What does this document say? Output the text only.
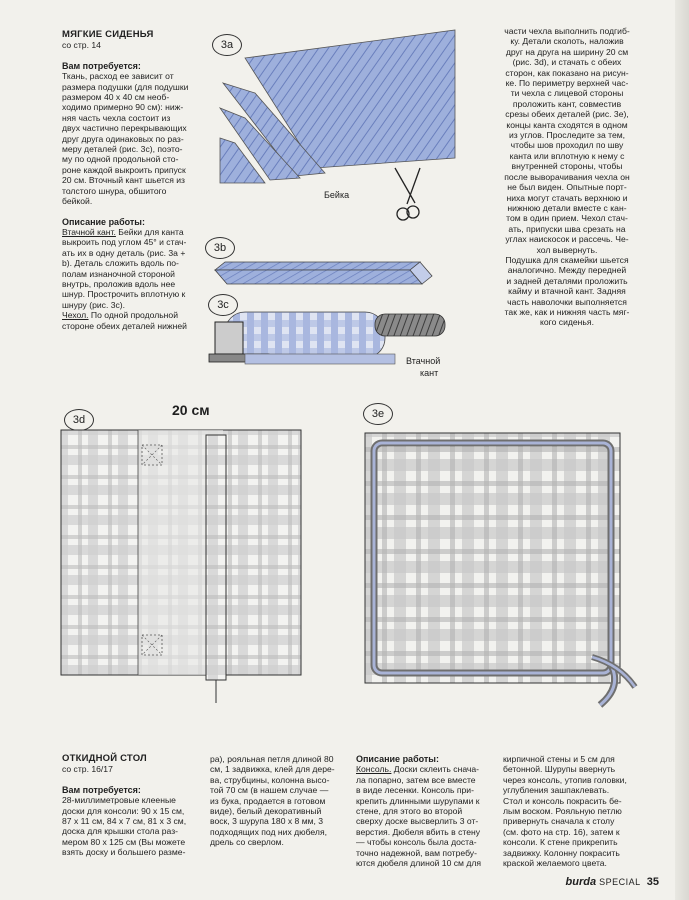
МЯГКИЕ СИДЕНЬЯ

со стр. 14

Вам потребуется:

Ткань, расход ее зависит от

размера подушки (для подушки

размером 40 х 40 см необ-

ходимо примерно 90 см): ниж-

няя часть чехла состоит из

двух частично перекрывающих

друг друга одинаковых по раз-

меру деталей (рис. 3с), поэто-

му по одной продольной сто-

роне каждой выкроить припуск

20 см. Вточный кант шьется из

толстого шнура, обшитого

бейкой.

Описание работы:

Втачной кант. Бейки для канта

выкроить под углом 45° и стач-

ать их в одну деталь (рис. 3а +

b). Деталь сложить вдоль по-

полам изнаночной стороной

внутрь, проложив вдоль нее

шнур. Прострочить вплотную к

шнуру (рис. 3с).

Чехол. По одной продольной

стороне обеих деталей нижней

части чехла выполнить подгиб-

ку. Детали сколоть, наложив

друг на друга на ширину 20 см

(рис. 3d), и стачать с обеих

сторон, как показано на рисун-

ке. По периметру верхней час-

ти чехла с лицевой стороны

проложить кант, совместив

срезы обеих деталей (рис. 3е),

концы канта сходятся в одном

из углов. Проследите за тем,

чтобы шов проходил по шву

канта или вплотную к нему с

внутренней стороны, чтобы

после выворачивания чехла он

не был виден. Опытные порт-

ниха могут стачать верхнюю и

нижнюю детали вместе с кан-

том в один прием. Чехол стач-

ать, припуски шва срезать на

углах наискосок и рассечь. Че-

хол вывернуть.

Подушка для скамейки шьется

аналогично. Между передней

и задней деталями проложить

кайму и втачной кант. Задняя

часть наволочки выполняется

так же, как и нижняя часть мяг-

кого сиденья.

3a
Бейка
3b
3c
Втачной
кант
3d
20 см	3e

ОТКИДНОЙ СТОЛ

со стр. 16/17

Вам потребуется:

28-миллиметровые клееные

доски для консоли: 90 х 15 см,

87 х 11 см, 84 х 7 см, 81 х 3 см,

доска для крышки стола раз-

мером 80 х 125 см (Вы можете

взять доску и большего разме-

ра), рояльная петля длиной 80

см, 1 задвижка, клей для дере-

ва, струбцины, колонна высо-

той 70 см (в нашем случае —

из бука, продается в готовом

виде), белый декоративный

воск, 3 шурупа 180 х 8 мм, 3

подходящих под них дюбеля,

дрель со сверлом.

Описание работы:

Консоль. Доски склеить снача-

ла попарно, затем все вместе

в виде лесенки. Консоль при-

крепить длинными шурупами к

стене, для этого во второй

сверху доске высверлить 3 от-

верстия. Дюбеля вбить в стену

— чтобы консоль была доста-

точно надежной, вам потребу-

ются дюбеля длиной 10 см для

кирпичной стены и 5 см для

бетонной. Шурупы ввернуть

через консоль, утопив головки,

углубления зашпаклевать.

Стол и консоль покрасить бе-

лым воском. Рояльную петлю

привернуть сначала к столу

(см. фото на стр. 16), затем к

консоли. К стене прикрепить

задвижку. Колонну покрасить

краской желаемого цвета.

burda SPECIAL 35
